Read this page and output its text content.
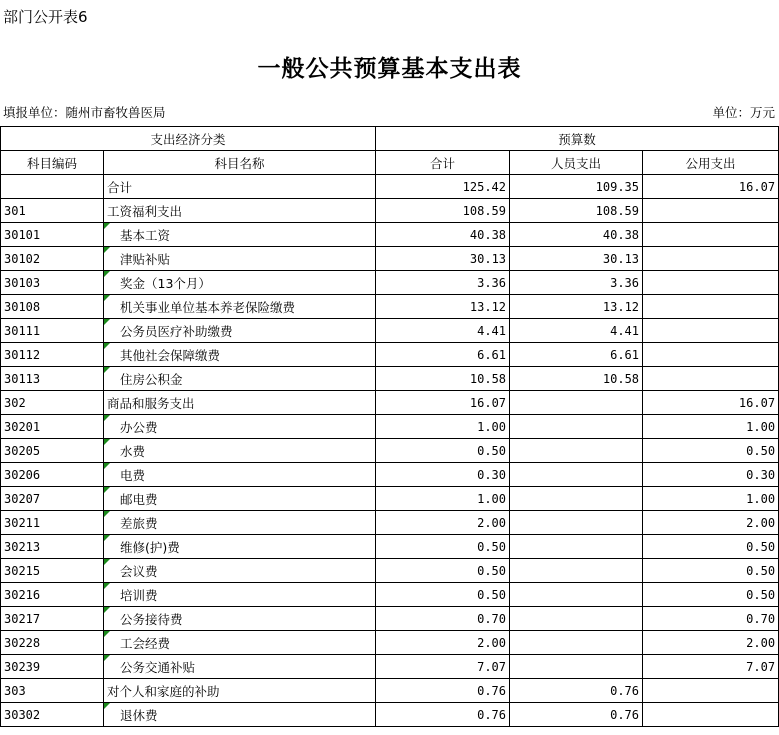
部门公开表6
一般公共预算基本支出表
填报单位：随州市畜牧兽医局	单位：万元
支出经济分类		预算数		
科目编码	科目名称	合计	人员支出	公用支出
	合计	125.42	109.35	16.07
301	工资福利支出	108.59	108.59	
30101	基本工资	40.38	40.38	
30102	津贴补贴	30.13	30.13	
30103	奖金（13个月）	3.36	3.36	
30108	机关事业单位基本养老保险缴费	13.12	13.12	
30111	公务员医疗补助缴费	4.41	4.41	
30112	其他社会保障缴费	6.61	6.61	
30113	住房公积金	10.58	10.58	
302	商品和服务支出	16.07		16.07
30201	办公费	1.00		1.00
30205	水费	0.50		0.50
30206	电费	0.30		0.30
30207	邮电费	1.00		1.00
30211	差旅费	2.00		2.00
30213	维修(护)费	0.50		0.50
30215	会议费	0.50		0.50
30216	培训费	0.50		0.50
30217	公务接待费	0.70		0.70
30228	工会经费	2.00		2.00
30239	公务交通补贴	7.07		7.07
303	对个人和家庭的补助	0.76	0.76	
30302	退休费	0.76	0.76	
